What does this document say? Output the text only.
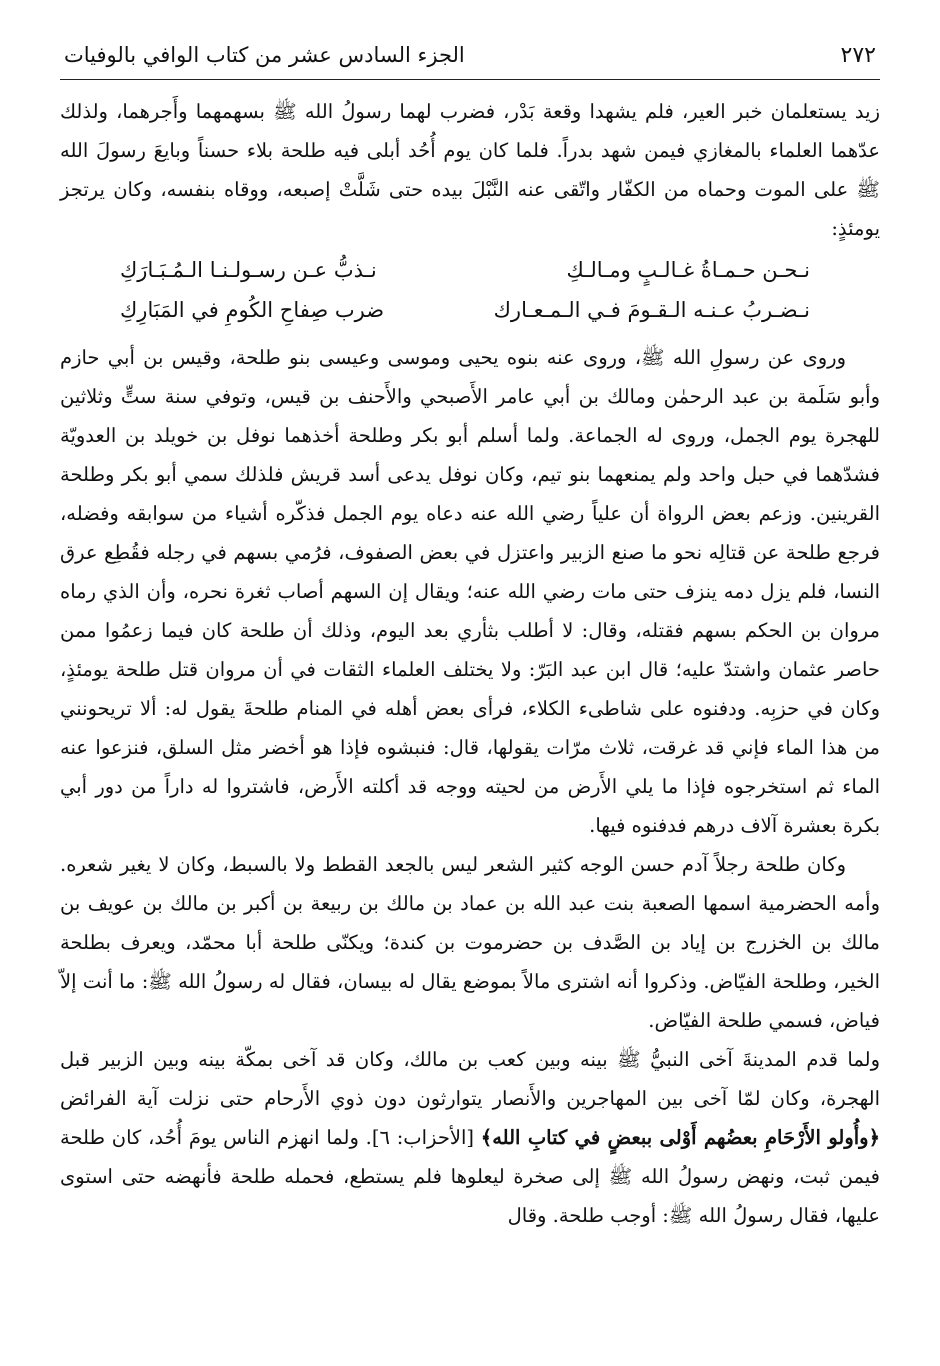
٢٧٢
الجزء السادس عشر من كتاب الوافي بالوفيات

زيد يستعلمان خبر العير، فلم يشهدا وقعة بَدْر، فضرب لهما رسولُ الله ﷺ بسهمهما وأَجرهما، ولذلك عدّهما العلماء بالمغازي فيمن شهد بدراً. فلما كان يوم أُحُد أبلى فيه طلحة بلاء حسناً وبايعَ رسولَ الله ﷺ على الموت وحماه من الكفّار واتّقى عنه النَّبْلَ بيده حتى شَلَّتْ إصبعه، ووقاه بنفسه، وكان يرتجز يومئذٍ:

نـحـن حـمـاةُ غـالـبٍ ومـالـكِ
نـذبُّ عـن رسـولـنـا الـمُـبَـارَكِ
نـضـربُ عـنـه الـقـومَ فـي الـمـعـارك
ضرب صِفاحِ الكُومِ في المَبَارِكِ

وروى عن رسولِ الله ﷺ، وروى عنه بنوه يحيى وموسى وعيسى بنو طلحة، وقيس بن أبي حازم وأبو سَلَمة بن عبد الرحمٰن ومالك بن أبي عامر الأَصبحي والأَحنف بن قيس، وتوفي سنة ستٍّ وثلاثين للهجرة يوم الجمل، وروى له الجماعة. ولما أسلم أبو بكر وطلحة أخذهما نوفل بن خويلد بن العدويّة فشدّهما في حبل واحد ولم يمنعهما بنو تيم، وكان نوفل يدعى أسد قريش فلذلك سمي أبو بكر وطلحة القرينين. وزعم بعض الرواة أن علياً رضي الله عنه دعاه يوم الجمل فذكّره أشياء من سوابقه وفضله، فرجع طلحة عن قتالِه نحو ما صنع الزبير واعتزل في بعض الصفوف، فرُمي بسهم في رجله فقُطِع عرق النسا، فلم يزل دمه ينزف حتى مات رضي الله عنه؛ ويقال إن السهم أصاب ثغرة نحره، وأن الذي رماه مروان بن الحكم بسهم فقتله، وقال: لا أطلب بثأري بعد اليوم، وذلك أن طلحة كان فيما زعمُوا ممن حاصر عثمان واشتدّ عليه؛ قال ابن عبد البَرّ: ولا يختلف العلماء الثقات في أن مروان قتل طلحة يومئذٍ، وكان في حزبِه. ودفنوه على شاطىء الكلاء، فرأى بعض أهله في المنام طلحةَ يقول له: ألا تريحونني من هذا الماء فإني قد غرقت، ثلاث مرّات يقولها، قال: فنبشوه فإذا هو أخضر مثل السلق، فنزعوا عنه الماء ثم استخرجوه فإذا ما يلي الأَرض من لحيته ووجه قد أكلته الأَرض، فاشتروا له داراً من دور أبي بكرة بعشرة آلاف درهم فدفنوه فيها.

وكان طلحة رجلاً آدم حسن الوجه كثير الشعر ليس بالجعد القطط ولا بالسبط، وكان لا يغير شعره. وأمه الحضرمية اسمها الصعبة بنت عبد الله بن عماد بن مالك بن ربيعة بن أكبر بن مالك بن عويف بن مالك بن الخزرج بن إياد بن الصَّدف بن حضرموت بن كندة؛ ويكنّى طلحة أبا محمّد، ويعرف بطلحة الخير، وطلحة الفيّاض. وذكروا أنه اشترى مالاً بموضع يقال له بيسان، فقال له رسولُ الله ﷺ: ما أنت إلاّ فياض، فسمي طلحة الفيّاض.

ولما قدم المدينةَ آخى النبيُّ ﷺ بينه وبين كعب بن مالك، وكان قد آخى بمكّة بينه وبين الزبير قبل الهجرة، وكان لمّا آخى بين المهاجرين والأَنصار يتوارثون دون ذوي الأَرحام حتى نزلت آية الفرائض ﴿وأُولو الأَرْحَامِ بعضُهم أَوْلى ببعضٍ في كتابِ الله﴾ [الأحزاب: ٦]. ولما انهزم الناس يومَ أُحُد، كان طلحة فيمن ثبت، ونهض رسولُ الله ﷺ إلى صخرة ليعلوها فلم يستطع، فحمله طلحة فأنهضه حتى استوى عليها، فقال رسولُ الله ﷺ: أوجب طلحة. وقال
